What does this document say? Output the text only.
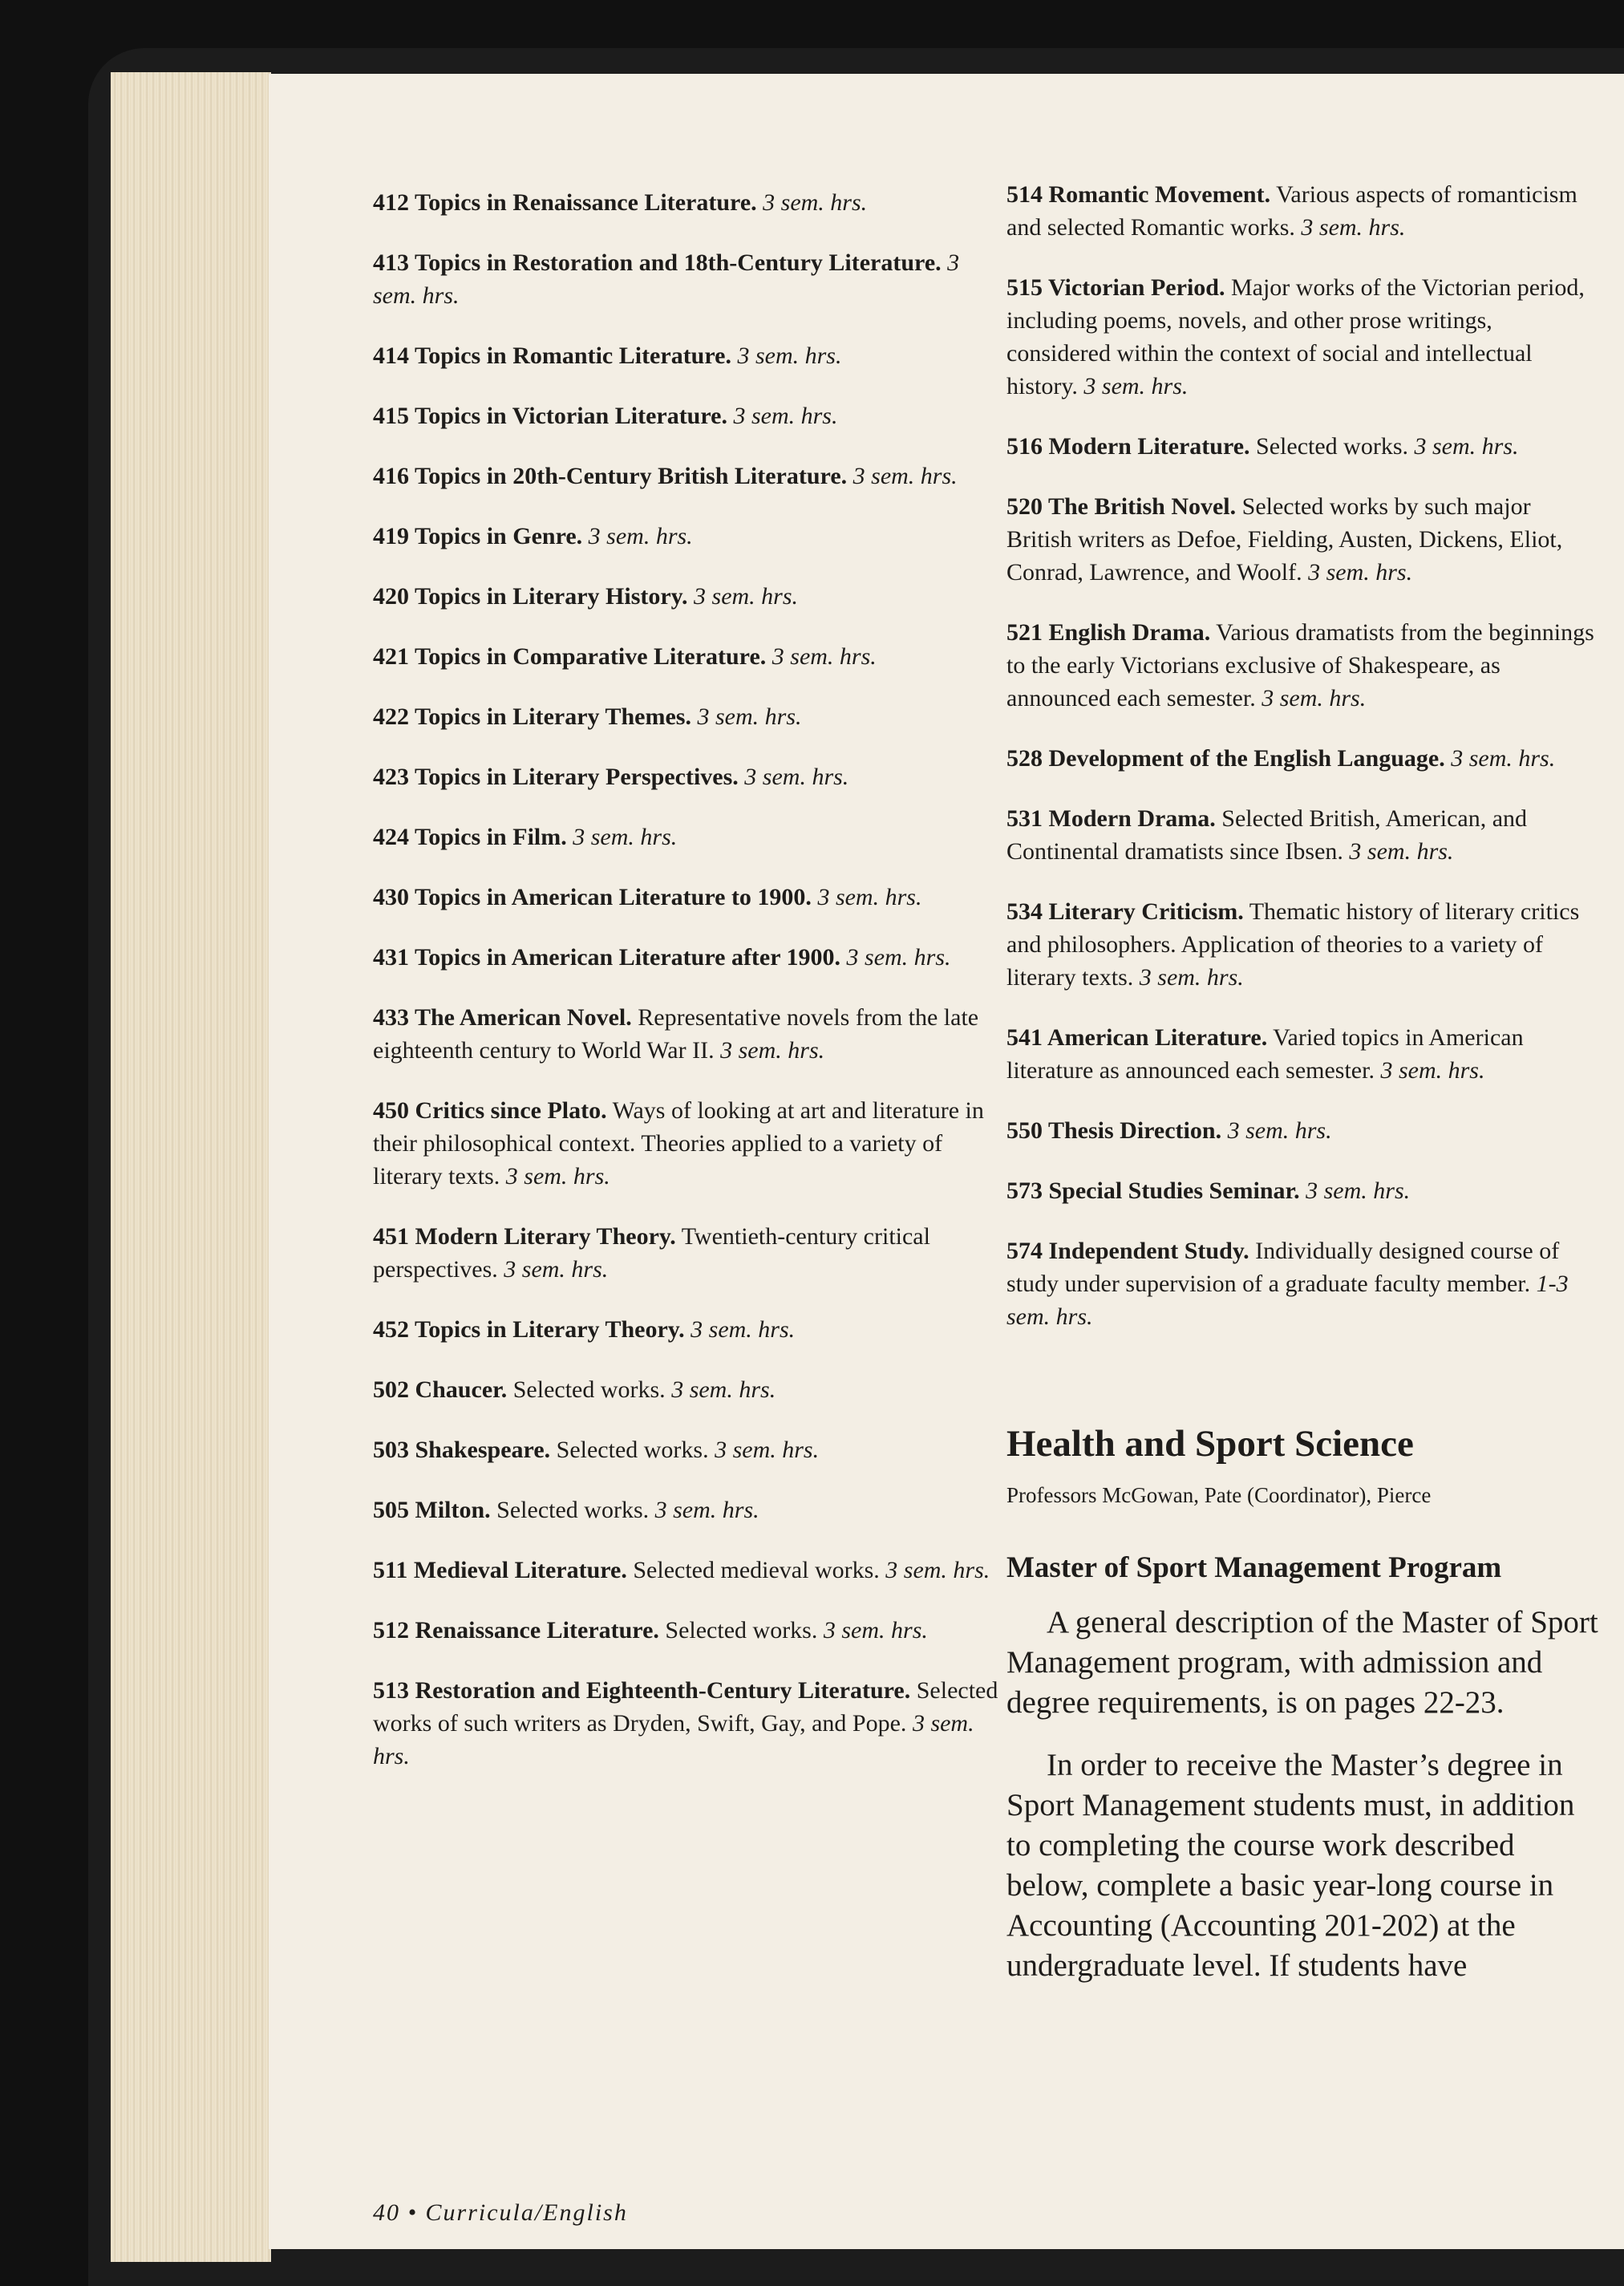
412 Topics in Renaissance Literature. 3 sem. hrs.

413 Topics in Restoration and 18th-Century Literature. 3 sem. hrs.

414 Topics in Romantic Literature. 3 sem. hrs.

415 Topics in Victorian Literature. 3 sem. hrs.

416 Topics in 20th-Century British Literature. 3 sem. hrs.

419 Topics in Genre. 3 sem. hrs.

420 Topics in Literary History. 3 sem. hrs.

421 Topics in Comparative Literature. 3 sem. hrs.

422 Topics in Literary Themes. 3 sem. hrs.

423 Topics in Literary Perspectives. 3 sem. hrs.

424 Topics in Film. 3 sem. hrs.

430 Topics in American Literature to 1900. 3 sem. hrs.

431 Topics in American Literature after 1900. 3 sem. hrs.

433 The American Novel. Representative novels from the late eighteenth century to World War II. 3 sem. hrs.

450 Critics since Plato. Ways of looking at art and literature in their philosophical context. Theories applied to a variety of literary texts. 3 sem. hrs.

451 Modern Literary Theory. Twentieth-century critical perspectives. 3 sem. hrs.

452 Topics in Literary Theory. 3 sem. hrs.

502 Chaucer. Selected works. 3 sem. hrs.

503 Shakespeare. Selected works. 3 sem. hrs.

505 Milton. Selected works. 3 sem. hrs.

511 Medieval Literature. Selected medieval works. 3 sem. hrs.

512 Renaissance Literature. Selected works. 3 sem. hrs.

513 Restoration and Eighteenth-Century Literature. Selected works of such writers as Dryden, Swift, Gay, and Pope. 3 sem. hrs.

514 Romantic Movement. Various aspects of romanticism and selected Romantic works. 3 sem. hrs.

515 Victorian Period. Major works of the Victorian period, including poems, novels, and other prose writings, considered within the context of social and intellectual history. 3 sem. hrs.

516 Modern Literature. Selected works. 3 sem. hrs.

520 The British Novel. Selected works by such major British writers as Defoe, Fielding, Austen, Dickens, Eliot, Conrad, Lawrence, and Woolf. 3 sem. hrs.

521 English Drama. Various dramatists from the beginnings to the early Victorians exclusive of Shakespeare, as announced each semester. 3 sem. hrs.

528 Development of the English Language. 3 sem. hrs.

531 Modern Drama. Selected British, American, and Continental dramatists since Ibsen. 3 sem. hrs.

534 Literary Criticism. Thematic history of literary critics and philosophers. Application of theories to a variety of literary texts. 3 sem. hrs.

541 American Literature. Varied topics in American literature as announced each semester. 3 sem. hrs.

550 Thesis Direction. 3 sem. hrs.

573 Special Studies Seminar. 3 sem. hrs.

574 Independent Study. Individually designed course of study under supervision of a graduate faculty member. 1-3 sem. hrs.

Health and Sport Science
Professors McGowan, Pate (Coordinator), Pierce
Master of Sport Management Program

A general description of the Master of Sport Management program, with admission and degree requirements, is on pages 22-23.

In order to receive the Master’s degree in Sport Management students must, in addition to completing the course work described below, complete a basic year-long course in Accounting (Accounting 201-202) at the undergraduate level. If students have

40 • Curricula/English
